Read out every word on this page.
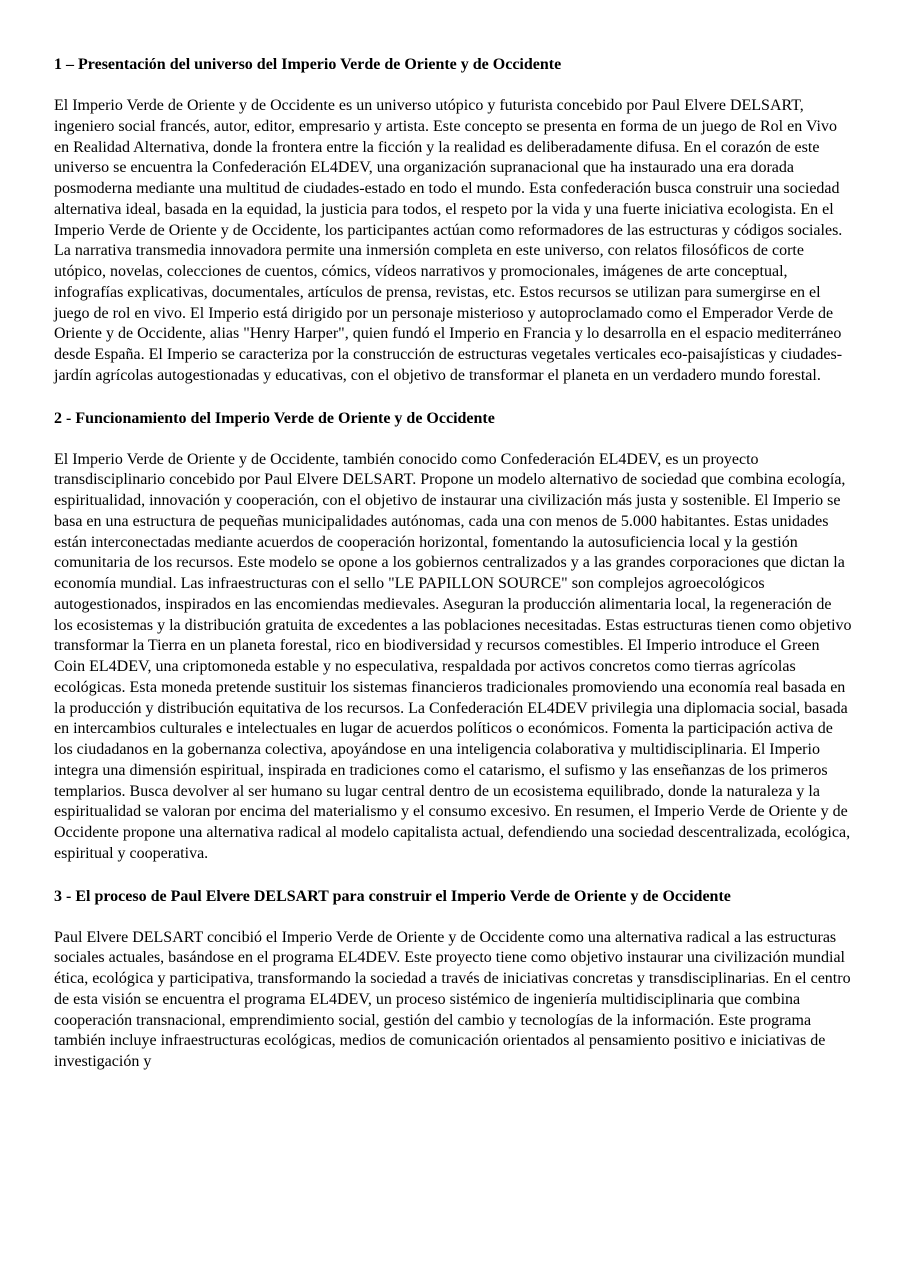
1 – Presentación del universo del Imperio Verde de Oriente y de Occidente
El Imperio Verde de Oriente y de Occidente es un universo utópico y futurista concebido por Paul Elvere DELSART, ingeniero social francés, autor, editor, empresario y artista. Este concepto se presenta en forma de un juego de Rol en Vivo en Realidad Alternativa, donde la frontera entre la ficción y la realidad es deliberadamente difusa. En el corazón de este universo se encuentra la Confederación EL4DEV, una organización supranacional que ha instaurado una era dorada posmoderna mediante una multitud de ciudades-estado en todo el mundo. Esta confederación busca construir una sociedad alternativa ideal, basada en la equidad, la justicia para todos, el respeto por la vida y una fuerte iniciativa ecologista. En el Imperio Verde de Oriente y de Occidente, los participantes actúan como reformadores de las estructuras y códigos sociales. La narrativa transmedia innovadora permite una inmersión completa en este universo, con relatos filosóficos de corte utópico, novelas, colecciones de cuentos, cómics, vídeos narrativos y promocionales, imágenes de arte conceptual, infografías explicativas, documentales, artículos de prensa, revistas, etc. Estos recursos se utilizan para sumergirse en el juego de rol en vivo. El Imperio está dirigido por un personaje misterioso y autoproclamado como el Emperador Verde de Oriente y de Occidente, alias "Henry Harper", quien fundó el Imperio en Francia y lo desarrolla en el espacio mediterráneo desde España. El Imperio se caracteriza por la construcción de estructuras vegetales verticales eco-paisajísticas y ciudades-jardín agrícolas autogestionadas y educativas, con el objetivo de transformar el planeta en un verdadero mundo forestal.
2 - Funcionamiento del Imperio Verde de Oriente y de Occidente
El Imperio Verde de Oriente y de Occidente, también conocido como Confederación EL4DEV, es un proyecto transdisciplinario concebido por Paul Elvere DELSART. Propone un modelo alternativo de sociedad que combina ecología, espiritualidad, innovación y cooperación, con el objetivo de instaurar una civilización más justa y sostenible. El Imperio se basa en una estructura de pequeñas municipalidades autónomas, cada una con menos de 5.000 habitantes. Estas unidades están interconectadas mediante acuerdos de cooperación horizontal, fomentando la autosuficiencia local y la gestión comunitaria de los recursos. Este modelo se opone a los gobiernos centralizados y a las grandes corporaciones que dictan la economía mundial. Las infraestructuras con el sello "LE PAPILLON SOURCE" son complejos agroecológicos autogestionados, inspirados en las encomiendas medievales. Aseguran la producción alimentaria local, la regeneración de los ecosistemas y la distribución gratuita de excedentes a las poblaciones necesitadas. Estas estructuras tienen como objetivo transformar la Tierra en un planeta forestal, rico en biodiversidad y recursos comestibles. El Imperio introduce el Green Coin EL4DEV, una criptomoneda estable y no especulativa, respaldada por activos concretos como tierras agrícolas ecológicas. Esta moneda pretende sustituir los sistemas financieros tradicionales promoviendo una economía real basada en la producción y distribución equitativa de los recursos. La Confederación EL4DEV privilegia una diplomacia social, basada en intercambios culturales e intelectuales en lugar de acuerdos políticos o económicos. Fomenta la participación activa de los ciudadanos en la gobernanza colectiva, apoyándose en una inteligencia colaborativa y multidisciplinaria. El Imperio integra una dimensión espiritual, inspirada en tradiciones como el catarismo, el sufismo y las enseñanzas de los primeros templarios. Busca devolver al ser humano su lugar central dentro de un ecosistema equilibrado, donde la naturaleza y la espiritualidad se valoran por encima del materialismo y el consumo excesivo. En resumen, el Imperio Verde de Oriente y de Occidente propone una alternativa radical al modelo capitalista actual, defendiendo una sociedad descentralizada, ecológica, espiritual y cooperativa.
3 - El proceso de Paul Elvere DELSART para construir el Imperio Verde de Oriente y de Occidente
Paul Elvere DELSART concibió el Imperio Verde de Oriente y de Occidente como una alternativa radical a las estructuras sociales actuales, basándose en el programa EL4DEV. Este proyecto tiene como objetivo instaurar una civilización mundial ética, ecológica y participativa, transformando la sociedad a través de iniciativas concretas y transdisciplinarias. En el centro de esta visión se encuentra el programa EL4DEV, un proceso sistémico de ingeniería multidisciplinaria que combina cooperación transnacional, emprendimiento social, gestión del cambio y tecnologías de la información. Este programa también incluye infraestructuras ecológicas, medios de comunicación orientados al pensamiento positivo e iniciativas de investigación y
